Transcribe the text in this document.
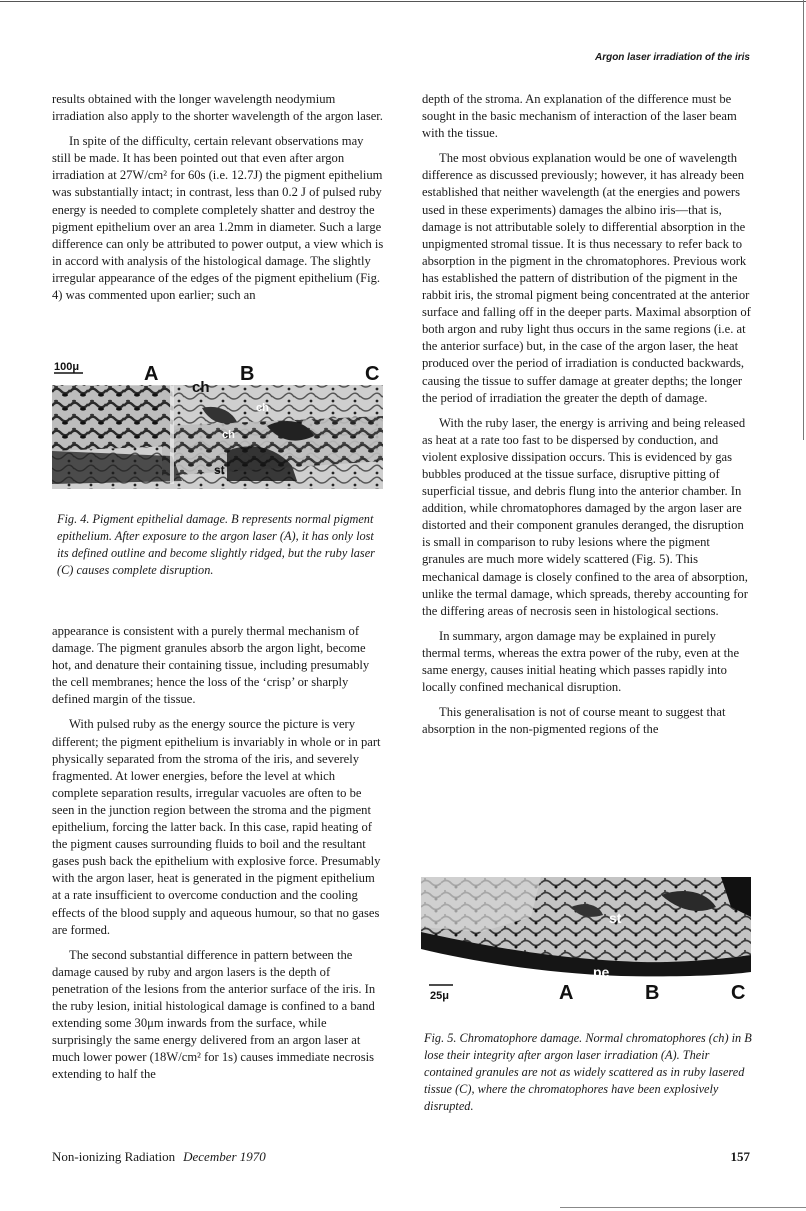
Argon laser irradiation of the iris

results obtained with the longer wavelength neodymium irradiation also apply to the shorter wavelength of the argon laser.

In spite of the difficulty, certain relevant observations may still be made. It has been pointed out that even after argon irradiation at 27W/cm² for 60s (i.e. 12.7J) the pigment epithelium was substantially intact; in contrast, less than 0.2 J of pulsed ruby energy is needed to complete completely shatter and destroy the pigment epithelium over an area 1.2mm in diameter. Such a large difference can only be attributed to power output, a view which is in accord with analysis of the histological damage. The slightly irregular appearance of the edges of the pigment epithelium (Fig. 4) was commented upon earlier; such an

100μ	A
ch
B	C
ch
ch
st
Fig. 4. Pigment epithelial damage. B represents normal pigment epithelium. After exposure to the argon laser (A), it has only lost its defined outline and become slightly ridged, but the ruby laser (C) causes complete disruption.

appearance is consistent with a purely thermal mechanism of damage. The pigment granules absorb the argon light, become hot, and denature their containing tissue, including presumably the cell membranes; hence the loss of the ‘crisp’ or sharply defined margin of the tissue.

With pulsed ruby as the energy source the picture is very different; the pigment epithelium is invariably in whole or in part physically separated from the stroma of the iris, and severely fragmented. At lower energies, before the level at which complete separation results, irregular vacuoles are often to be seen in the junction region between the stroma and the pigment epithelium, forcing the latter back. In this case, rapid heating of the pigment causes surrounding fluids to boil and the resultant gases push back the epithelium with explosive force. Presumably with the argon laser, heat is generated in the pigment epithelium at a rate insufficient to overcome conduction and the cooling effects of the blood supply and aqueous humour, so that no gases are formed.

The second substantial difference in pattern between the damage caused by ruby and argon lasers is the depth of penetration of the lesions from the anterior surface of the iris. In the ruby lesion, initial histological damage is confined to a band extending some 30μm inwards from the surface, while surprisingly the same energy delivered from an argon laser at much lower power (18W/cm² for 1s) causes immediate necrosis extending to half the

depth of the stroma. An explanation of the difference must be sought in the basic mechanism of interaction of the laser beam with the tissue.

The most obvious explanation would be one of wavelength difference as discussed previously; however, it has already been established that neither wavelength (at the energies and powers used in these experiments) damages the albino iris—that is, damage is not attributable solely to differential absorption in the unpigmented stromal tissue. It is thus necessary to refer back to absorption in the pigment in the chromatophores. Previous work has established the pattern of distribution of the pigment in the rabbit iris, the stromal pigment being concentrated at the anterior surface and falling off in the deeper parts. Maximal absorption of both argon and ruby light thus occurs in the same regions (i.e. at the anterior surface) but, in the case of the argon laser, the heat produced over the period of irradiation is conducted backwards, causing the tissue to suffer damage at greater depths; the longer the period of irradiation the greater the depth of damage.

With the ruby laser, the energy is arriving and being released as heat at a rate too fast to be dispersed by conduction, and violent explosive dissipation occurs. This is evidenced by gas bubbles produced at the tissue surface, disruptive pitting of superficial tissue, and debris flung into the anterior chamber. In addition, while chromatophores damaged by the argon laser are distorted and their component granules deranged, the disruption is small in comparison to ruby lesions where the pigment granules are much more widely scattered (Fig. 5). This mechanical damage is closely confined to the area of absorption, unlike the termal damage, which spreads, thereby accounting for the differing areas of necrosis seen in histological sections.

In summary, argon damage may be explained in purely thermal terms, whereas the extra power of the ruby, even at the same energy, causes initial heating which passes rapidly into locally confined mechanical disruption.

This generalisation is not of course meant to suggest that absorption in the non-pigmented regions of the

25μ
st
pe
A	B	C
Fig. 5. Chromatophore damage. Normal chromatophores (ch) in B lose their integrity after argon laser irradiation (A). Their contained granules are not as widely scattered as in ruby lasered tissue (C), where the chromatophores have been explosively disrupted.
Non-ionizing Radiation December 1970	157
